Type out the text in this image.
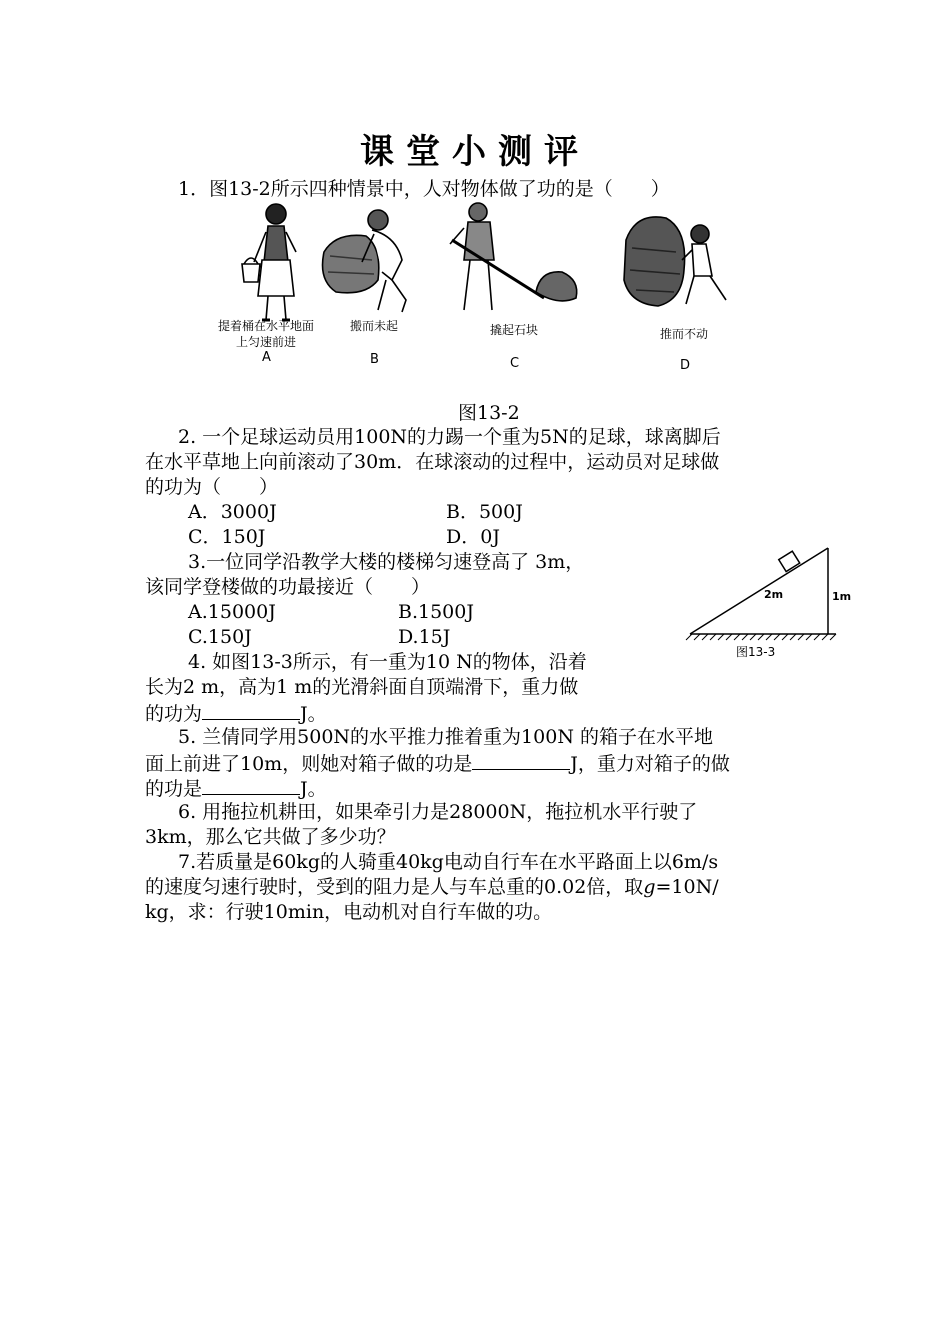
课堂小测评
1．图13-2所示四种情景中，人对物体做了功的是（　　）
提着桶在水平地面
上匀速前进
A
搬而未起
B
撬起石块
C
推而不动
D
图13-2
2. 一个足球运动员用100N的力踢一个重为5N的足球，球离脚后
在水平草地上向前滚动了30m．在球滚动的过程中，运动员对足球做
的功为（　　）
A．3000J	B．500J
C．150J	D．0J
3.一位同学沿教学大楼的楼梯匀速登高了 3m，
该同学登楼做的功最接近（　　）
A.15000J	B.1500J
C.150J	D.15J
2m	1m
图13-3
4. 如图13-3所示，有一重为10 N的物体，沿着
长为2 m，高为1 m的光滑斜面自顶端滑下，重力做
的功为	J。
5. 兰倩同学用500N的水平推力推着重为100N 的箱子在水平地
面上前进了10m，则她对箱子做的功是	J，重力对箱子的做
的功是	J。
6. 用拖拉机耕田，如果牵引力是28000N，拖拉机水平行驶了
3km，那么它共做了多少功？
7.若质量是60kg的人骑重40kg电动自行车在水平路面上以6m/s
的速度匀速行驶时，受到的阻力是人与车总重的0.02倍，取g=10N/
kg，求：行驶10min，电动机对自行车做的功。
